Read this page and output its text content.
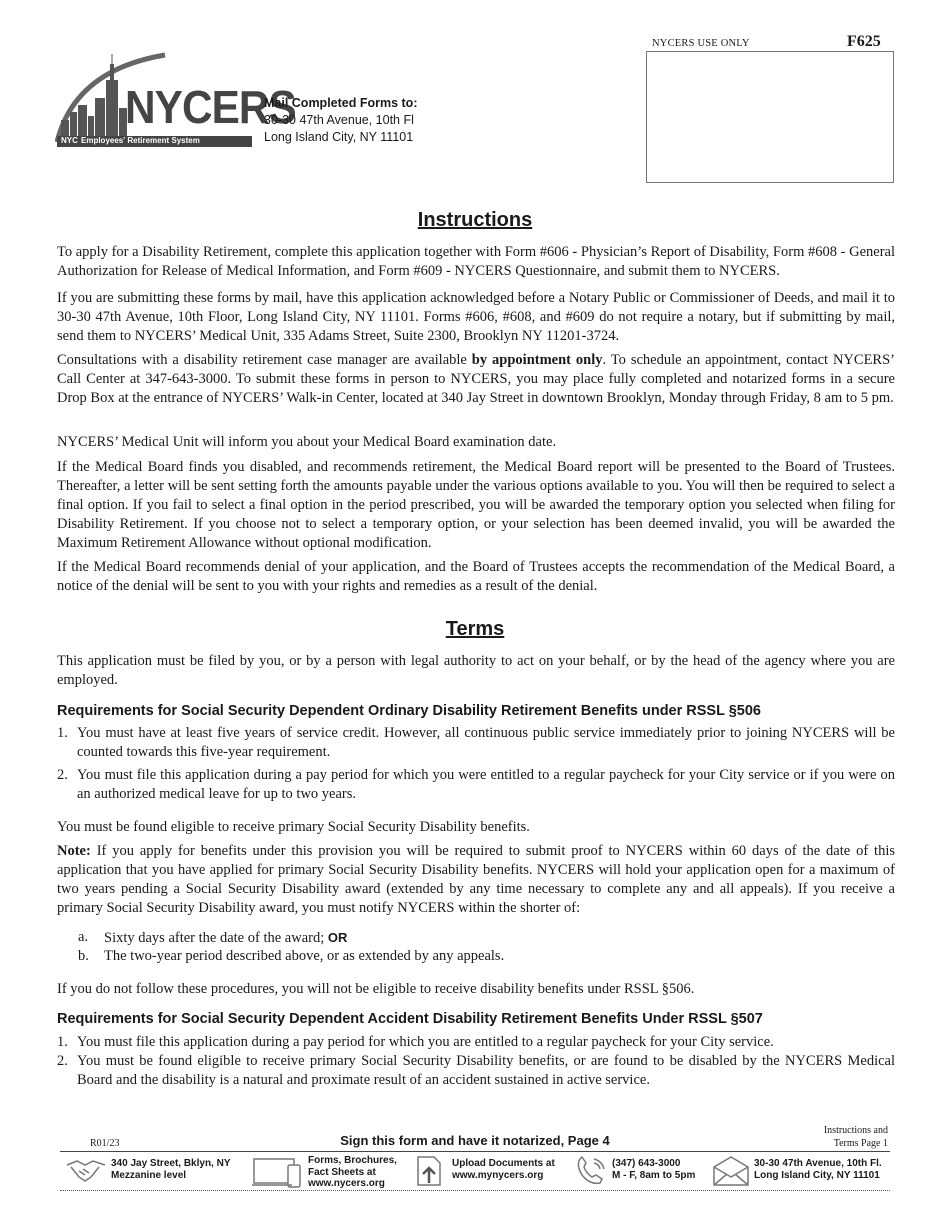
NYCERS
NYC Employees' Retirement System
Mail Completed Forms to:
30-30 47th Avenue, 10th Fl
Long Island City, NY 11101
NYCERS USE ONLY	F625
Instructions

To apply for a Disability Retirement, complete this application together with Form #606 - Physician’s Report of Disability, Form #608 - General Authorization for Release of Medical Information, and Form #609 - NYCERS Questionnaire, and submit them to NYCERS.

If you are submitting these forms by mail, have this application acknowledged before a Notary Public or Commissioner of Deeds, and mail it to 30-30 47th Avenue, 10th Floor, Long Island City, NY 11101. Forms #606, #608, and #609 do not require a notary, but if submitting by mail, send them to NYCERS’ Medical Unit, 335 Adams Street, Suite 2300, Brooklyn NY 11201-3724.

Consultations with a disability retirement case manager are available by appointment only. To schedule an appointment, contact NYCERS’ Call Center at 347-643-3000. To submit these forms in person to NYCERS, you may place fully completed and notarized forms in a secure Drop Box at the entrance of NYCERS’ Walk-in Center, located at 340 Jay Street in downtown Brooklyn, Monday through Friday, 8 am to 5 pm.

NYCERS’ Medical Unit will inform you about your Medical Board examination date.

If the Medical Board finds you disabled, and recommends retirement, the Medical Board report will be presented to the Board of Trustees. Thereafter, a letter will be sent setting forth the amounts payable under the various options available to you. You will then be required to select a final option. If you fail to select a final option in the period prescribed, you will be awarded the temporary option you selected when filing for Disability Retirement. If you choose not to select a temporary option, or your selection has been deemed invalid, you will be awarded the Maximum Retirement Allowance without optional modification.

If the Medical Board recommends denial of your application, and the Board of Trustees accepts the recommendation of the Medical Board, a notice of the denial will be sent to you with your rights and remedies as a result of the denial.

Terms

This application must be filed by you, or by a person with legal authority to act on your behalf, or by the head of the agency where you are employed.

Requirements for Social Security Dependent Ordinary Disability Retirement Benefits under RSSL §506
1. You must have at least five years of service credit. However, all continuous public service immediately prior to joining NYCERS will be counted towards this five-year requirement.
2. You must file this application during a pay period for which you were entitled to a regular paycheck for your City service or if you were on an authorized medical leave for up to two years.

You must be found eligible to receive primary Social Security Disability benefits.

Note: If you apply for benefits under this provision you will be required to submit proof to NYCERS within 60 days of the date of this application that you have applied for primary Social Security Disability benefits. NYCERS will hold your application open for a maximum of two years pending a Social Security Disability award (extended by any time necessary to complete any and all appeals). If you receive a primary Social Security Disability award, you must notify NYCERS within the shorter of:

a. Sixty days after the date of the award; OR
b. The two-year period described above, or as extended by any appeals.

If you do not follow these procedures, you will not be eligible to receive disability benefits under RSSL §506.

Requirements for Social Security Dependent Accident Disability Retirement Benefits Under RSSL §507
1. You must file this application during a pay period for which you are entitled to a regular paycheck for your City service.
2. You must be found eligible to receive primary Social Security Disability benefits, or are found to be disabled by the NYCERS Medical Board and the disability is a natural and proximate result of an accident sustained in active service.
R01/23	Sign this form and have it notarized, Page 4
Instructions and
Terms Page 1
340 Jay Street, Bklyn, NY
Mezzanine level
Forms, Brochures,
Fact Sheets at
www.nycers.org
Upload Documents at
www.mynycers.org
(347) 643-3000
M - F, 8am to 5pm
30-30 47th Avenue, 10th Fl.
Long Island City, NY 11101
